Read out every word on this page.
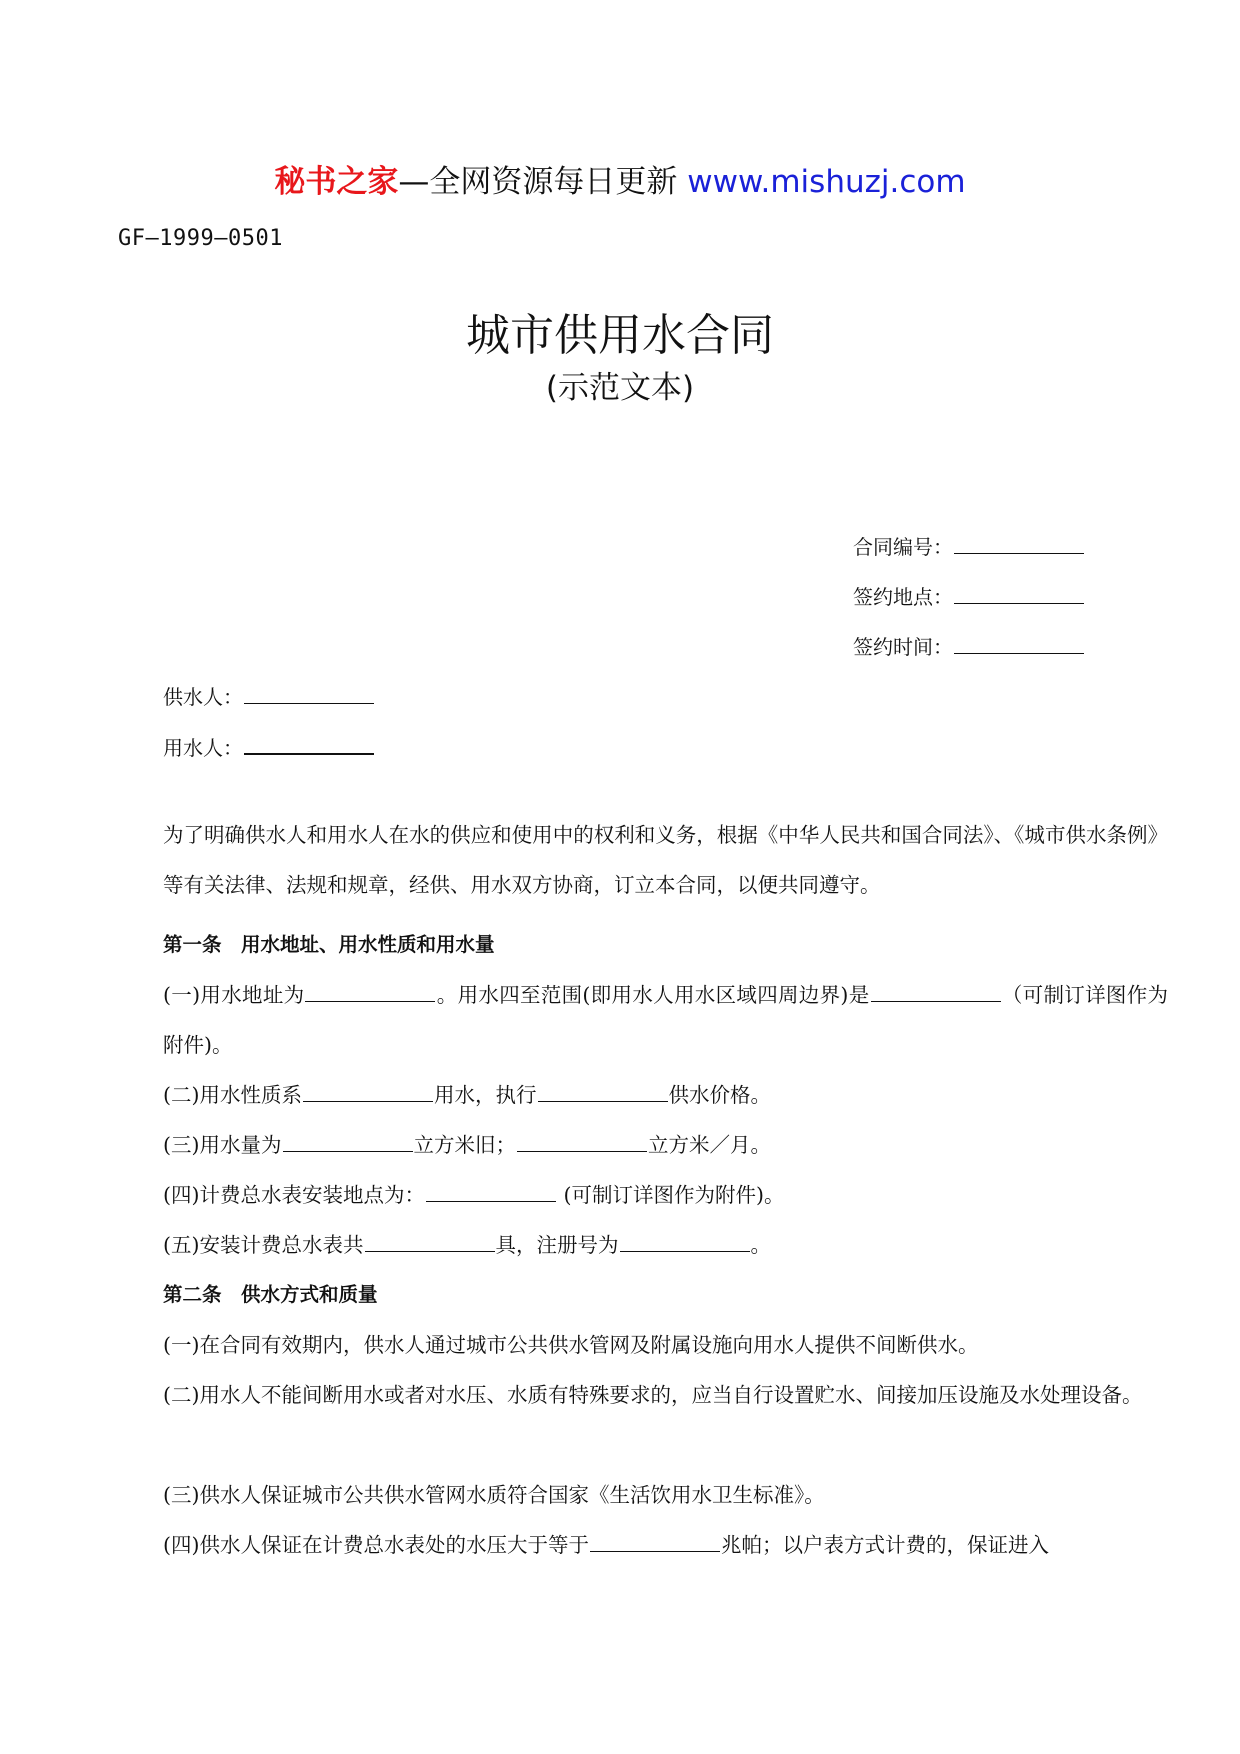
秘书之家—全网资源每日更新 www.mishuzj.com
GF—1999—0501
城市供用水合同
(示范文本)
合同编号：
签约地点：
签约时间：
供水人：
用水人：
为了明确供水人和用水人在水的供应和使用中的权利和义务，根据《中华人民共和国合同法》、《城市供水条例》等有关法律、法规和规章，经供、用水双方协商，订立本合同，以便共同遵守。
第一条　用水地址、用水性质和用水量
(一)用水地址为	。用水四至范围(即用水人用水区域四周边界)是	（可制订详图作为附件)。
(二)用水性质系	用水，执行	供水价格。
(三)用水量为	立方米旧；	立方米／月。
(四)计费总水表安装地点为：	(可制订详图作为附件)。
(五)安装计费总水表共	具，注册号为	。
第二条　供水方式和质量
(一)在合同有效期内，供水人通过城市公共供水管网及附属设施向用水人提供不间断供水。
(二)用水人不能间断用水或者对水压、水质有特殊要求的，应当自行设置贮水、间接加压设施及水处理设备。
(三)供水人保证城市公共供水管网水质符合国家《生活饮用水卫生标准》。
(四)供水人保证在计费总水表处的水压大于等于	兆帕；以户表方式计费的，保证进入
